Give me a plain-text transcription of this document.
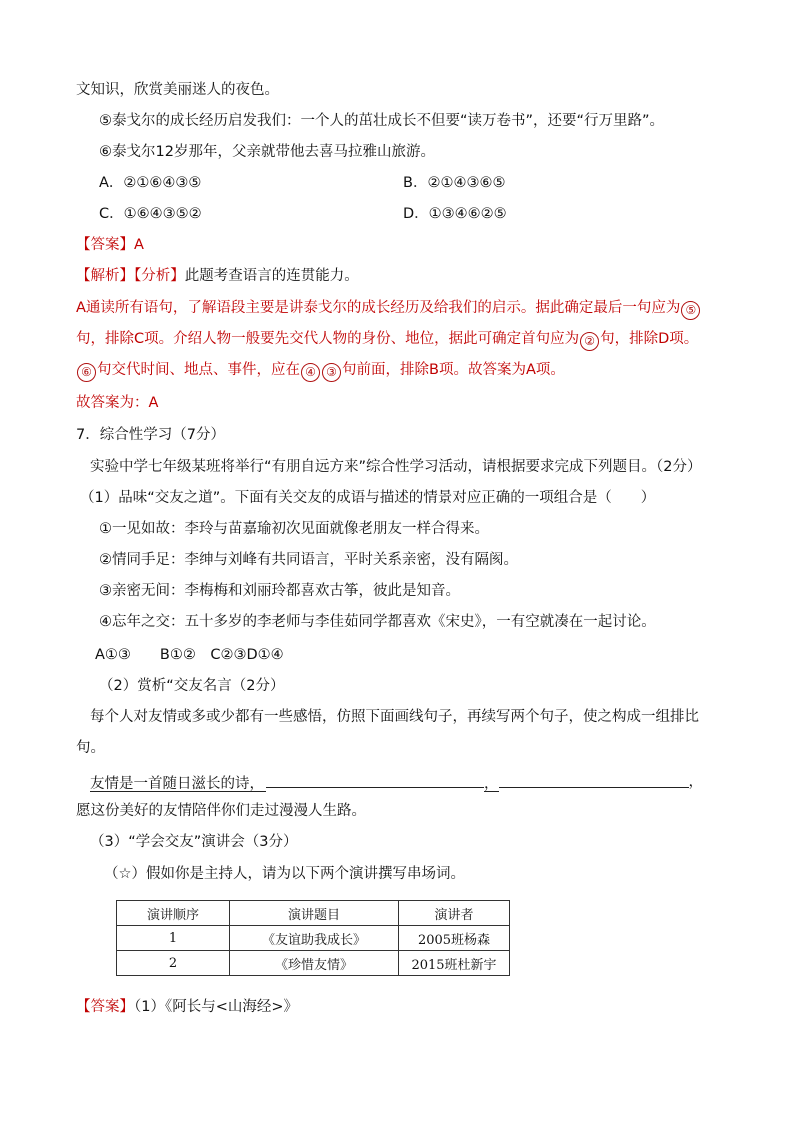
文知识，欣赏美丽迷人的夜色。
⑤泰戈尔的成长经历启发我们：一个人的茁壮成长不但要“读万卷书”，还要“行万里路”。
⑥泰戈尔12岁那年，父亲就带他去喜马拉雅山旅游。
A．②①⑥④③⑤	B．②①④③⑥⑤
C．①⑥④③⑤②	D．①③④⑥②⑤
【答案】A
【解析】【分析】此题考查语言的连贯能力。
A通读所有语句，了解语段主要是讲泰戈尔的成长经历及给我们的启示。据此确定最后一句应为 ⑤
句，排除C项。介绍人物一般要先交代人物的身份、地位，据此可确定首句应为 ② 句，排除D项。
⑥ 句交代时间、地点、事件，应在 ④ ③ 句前面，排除B项。故答案为A项。
故答案为：A
7．综合性学习（7分）
实验中学七年级某班将举行“有朋自远方来”综合性学习活动，请根据要求完成下列题目。（2分）
（1）品味“交友之道”。下面有关交友的成语与描述的情景对应正确的一项组合是（　　）
①一见如故：李玲与苗嘉瑜初次见面就像老朋友一样合得来。
②情同手足：李绅与刘峰有共同语言，平时关系亲密，没有隔阂。
③亲密无间：李梅梅和刘丽玲都喜欢古筝，彼此是知音。
④忘年之交：五十多岁的李老师与李佳茹同学都喜欢《宋史》，一有空就凑在一起讨论。
A①③　　B①②　C②③D①④
（2）赏析“交友名言（2分）
每个人对友情或多或少都有一些感悟，仿照下面画线句子，再续写两个句子，使之构成一组排比
句。
友情是一首随日滋长的诗，	，	，
愿这份美好的友情陪伴你们走过漫漫人生路。
（3）“学会交友”演讲会（3分）
（☆）假如你是主持人，请为以下两个演讲撰写串场词。
演讲顺序	演讲题目	演讲者
1	《友谊助我成长》	2005班杨森
2	《珍惜友情》	2015班杜新宇
【答案】（1）《阿长与<山海经>》
